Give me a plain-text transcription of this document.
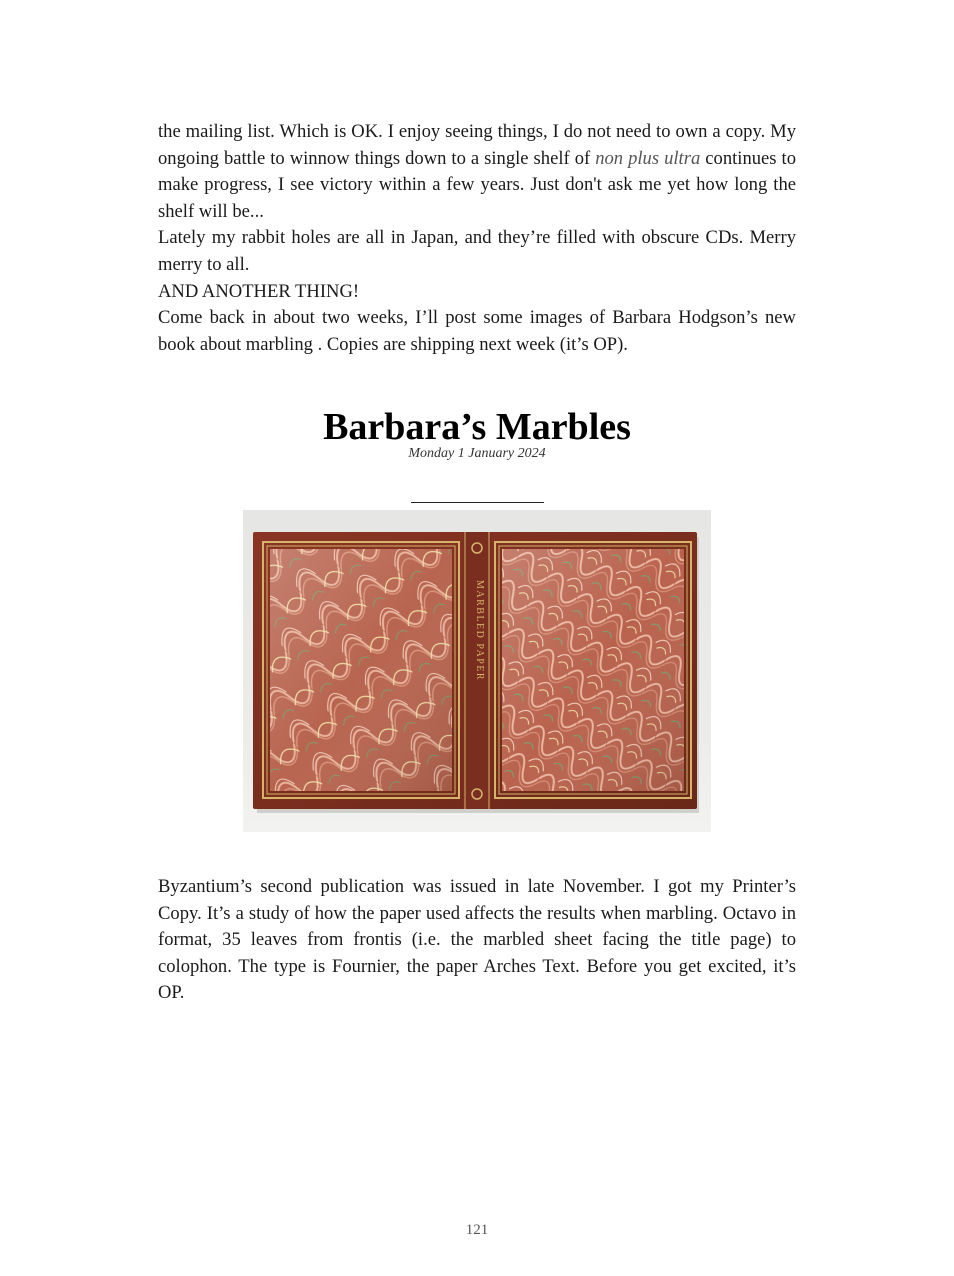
the mailing list. Which is OK. I enjoy seeing things, I do not need to own a copy. My ongoing battle to winnow things down to a single shelf of non plus ultra continues to make progress, I see victory within a few years. Just don't ask me yet how long the shelf will be...

Lately my rabbit holes are all in Japan, and they’re filled with obscure CDs. Merry merry to all.

AND ANOTHER THING!

Come back in about two weeks, I’ll post some images of Barbara Hodgson’s new book about marbling . Copies are shipping next week (it’s OP).

Barbara’s Marbles
Monday 1 January 2024
MARBLED PAPER

Byzantium’s second publication was issued in late November. I got my Printer’s Copy. It’s a study of how the paper used affects the results when marbling. Octavo in format, 35 leaves from frontis (i.e. the marbled sheet facing the title page) to colophon. The type is Fournier, the paper Arches Text. Before you get excited, it’s OP.

121
